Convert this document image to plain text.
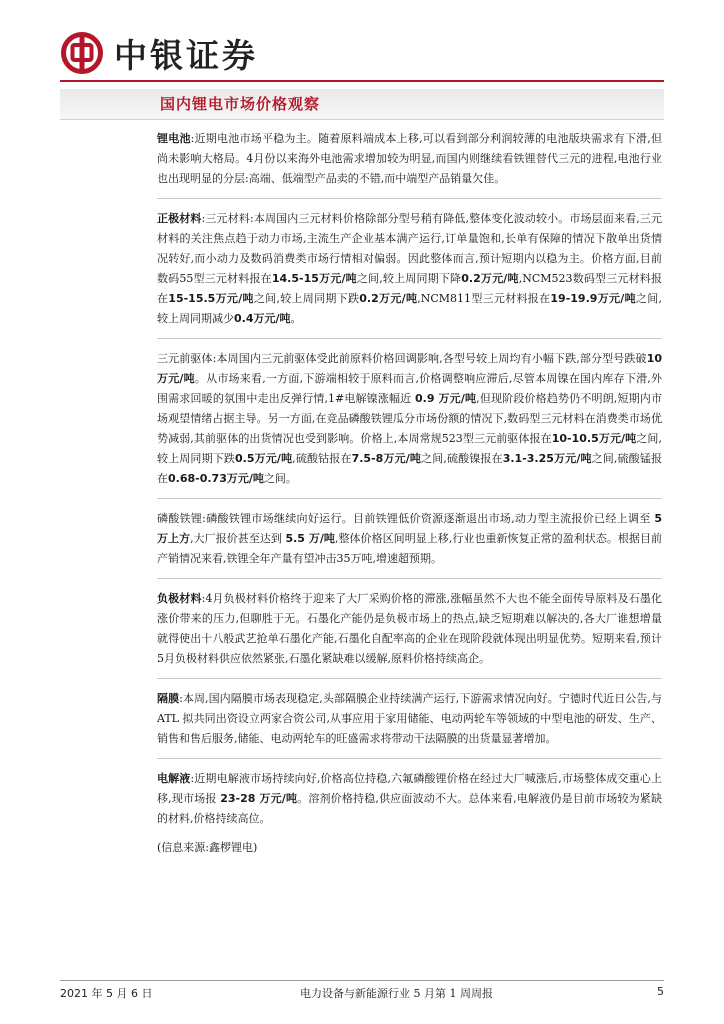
中银证券
国内锂电市场价格观察

锂电池:近期电池市场平稳为主。随着原料端成本上移,可以看到部分利润较薄的电池版块需求有下滑,但尚未影响大格局。4月份以来海外电池需求增加较为明显,而国内则继续看铁锂替代三元的进程,电池行业也出现明显的分层:高端、低端型产品卖的不错,而中端型产品销量欠佳。

正极材料:三元材料:本周国内三元材料价格除部分型号稍有降低,整体变化波动较小。市场层面来看,三元材料的关注焦点趋于动力市场,主流生产企业基本满产运行,订单量饱和,长单有保障的情况下散单出货情况转好,而小动力及数码消费类市场行情相对偏弱。因此整体而言,预计短期内以稳为主。价格方面,目前数码55型三元材料报在14.5-15万元/吨之间,较上周同期下降0.2万元/吨,NCM523数码型三元材料报在15-15.5万元/吨之间,较上周同期下跌0.2万元/吨,NCM811型三元材料报在19-19.9万元/吨之间,较上周同期减少0.4万元/吨。

三元前驱体:本周国内三元前驱体受此前原料价格回调影响,各型号较上周均有小幅下跌,部分型号跌破10万元/吨。从市场来看,一方面,下游端相较于原料而言,价格调整响应滞后,尽管本周镍在国内库存下滑,外围需求回暖的氛围中走出反弹行情,1#电解镍涨幅近 0.9 万元/吨,但现阶段价格趋势仍不明朗,短期内市场观望情绪占据主导。另一方面,在竞品磷酸铁锂瓜分市场份额的情况下,数码型三元材料在消费类市场优势减弱,其前驱体的出货情况也受到影响。价格上,本周常规523型三元前驱体报在10-10.5万元/吨之间,较上周同期下跌0.5万元/吨,硫酸钴报在7.5-8万元/吨之间,硫酸镍报在3.1-3.25万元/吨之间,硫酸锰报在0.68-0.73万元/吨之间。

磷酸铁锂:磷酸铁锂市场继续向好运行。目前铁锂低价资源逐渐退出市场,动力型主流报价已经上调至 5 万上方,大厂报价甚至达到 5.5 万/吨,整体价格区间明显上移,行业也重新恢复正常的盈利状态。根据目前产销情况来看,铁锂全年产量有望冲击35万吨,增速超预期。

负极材料:4月负极材料价格终于迎来了大厂采购价格的滞涨,涨幅虽然不大也不能全面传导原料及石墨化涨价带来的压力,但聊胜于无。石墨化产能仍是负极市场上的热点,缺乏短期难以解决的,各大厂谁想增量就得使出十八般武艺抢单石墨化产能,石墨化自配率高的企业在现阶段就体现出明显优势。短期来看,预计5月负极材料供应依然紧张,石墨化紧缺难以缓解,原料价格持续高企。

隔膜:本周,国内隔膜市场表现稳定,头部隔膜企业持续满产运行,下游需求情况向好。宁德时代近日公告,与 ATL 拟共同出资设立两家合资公司,从事应用于家用储能、电动两轮车等领域的中型电池的研发、生产、销售和售后服务,储能、电动两轮车的旺盛需求将带动干法隔膜的出货量显著增加。

电解液:近期电解液市场持续向好,价格高位持稳,六氟磷酸锂价格在经过大厂喊涨后,市场整体成交重心上移,现市场报 23-28 万元/吨。溶剂价格持稳,供应面波动不大。总体来看,电解液仍是目前市场较为紧缺的材料,价格持续高位。

(信息来源:鑫椤锂电)

2021 年 5 月 6 日	电力设备与新能源行业 5 月第 1 周周报	5
